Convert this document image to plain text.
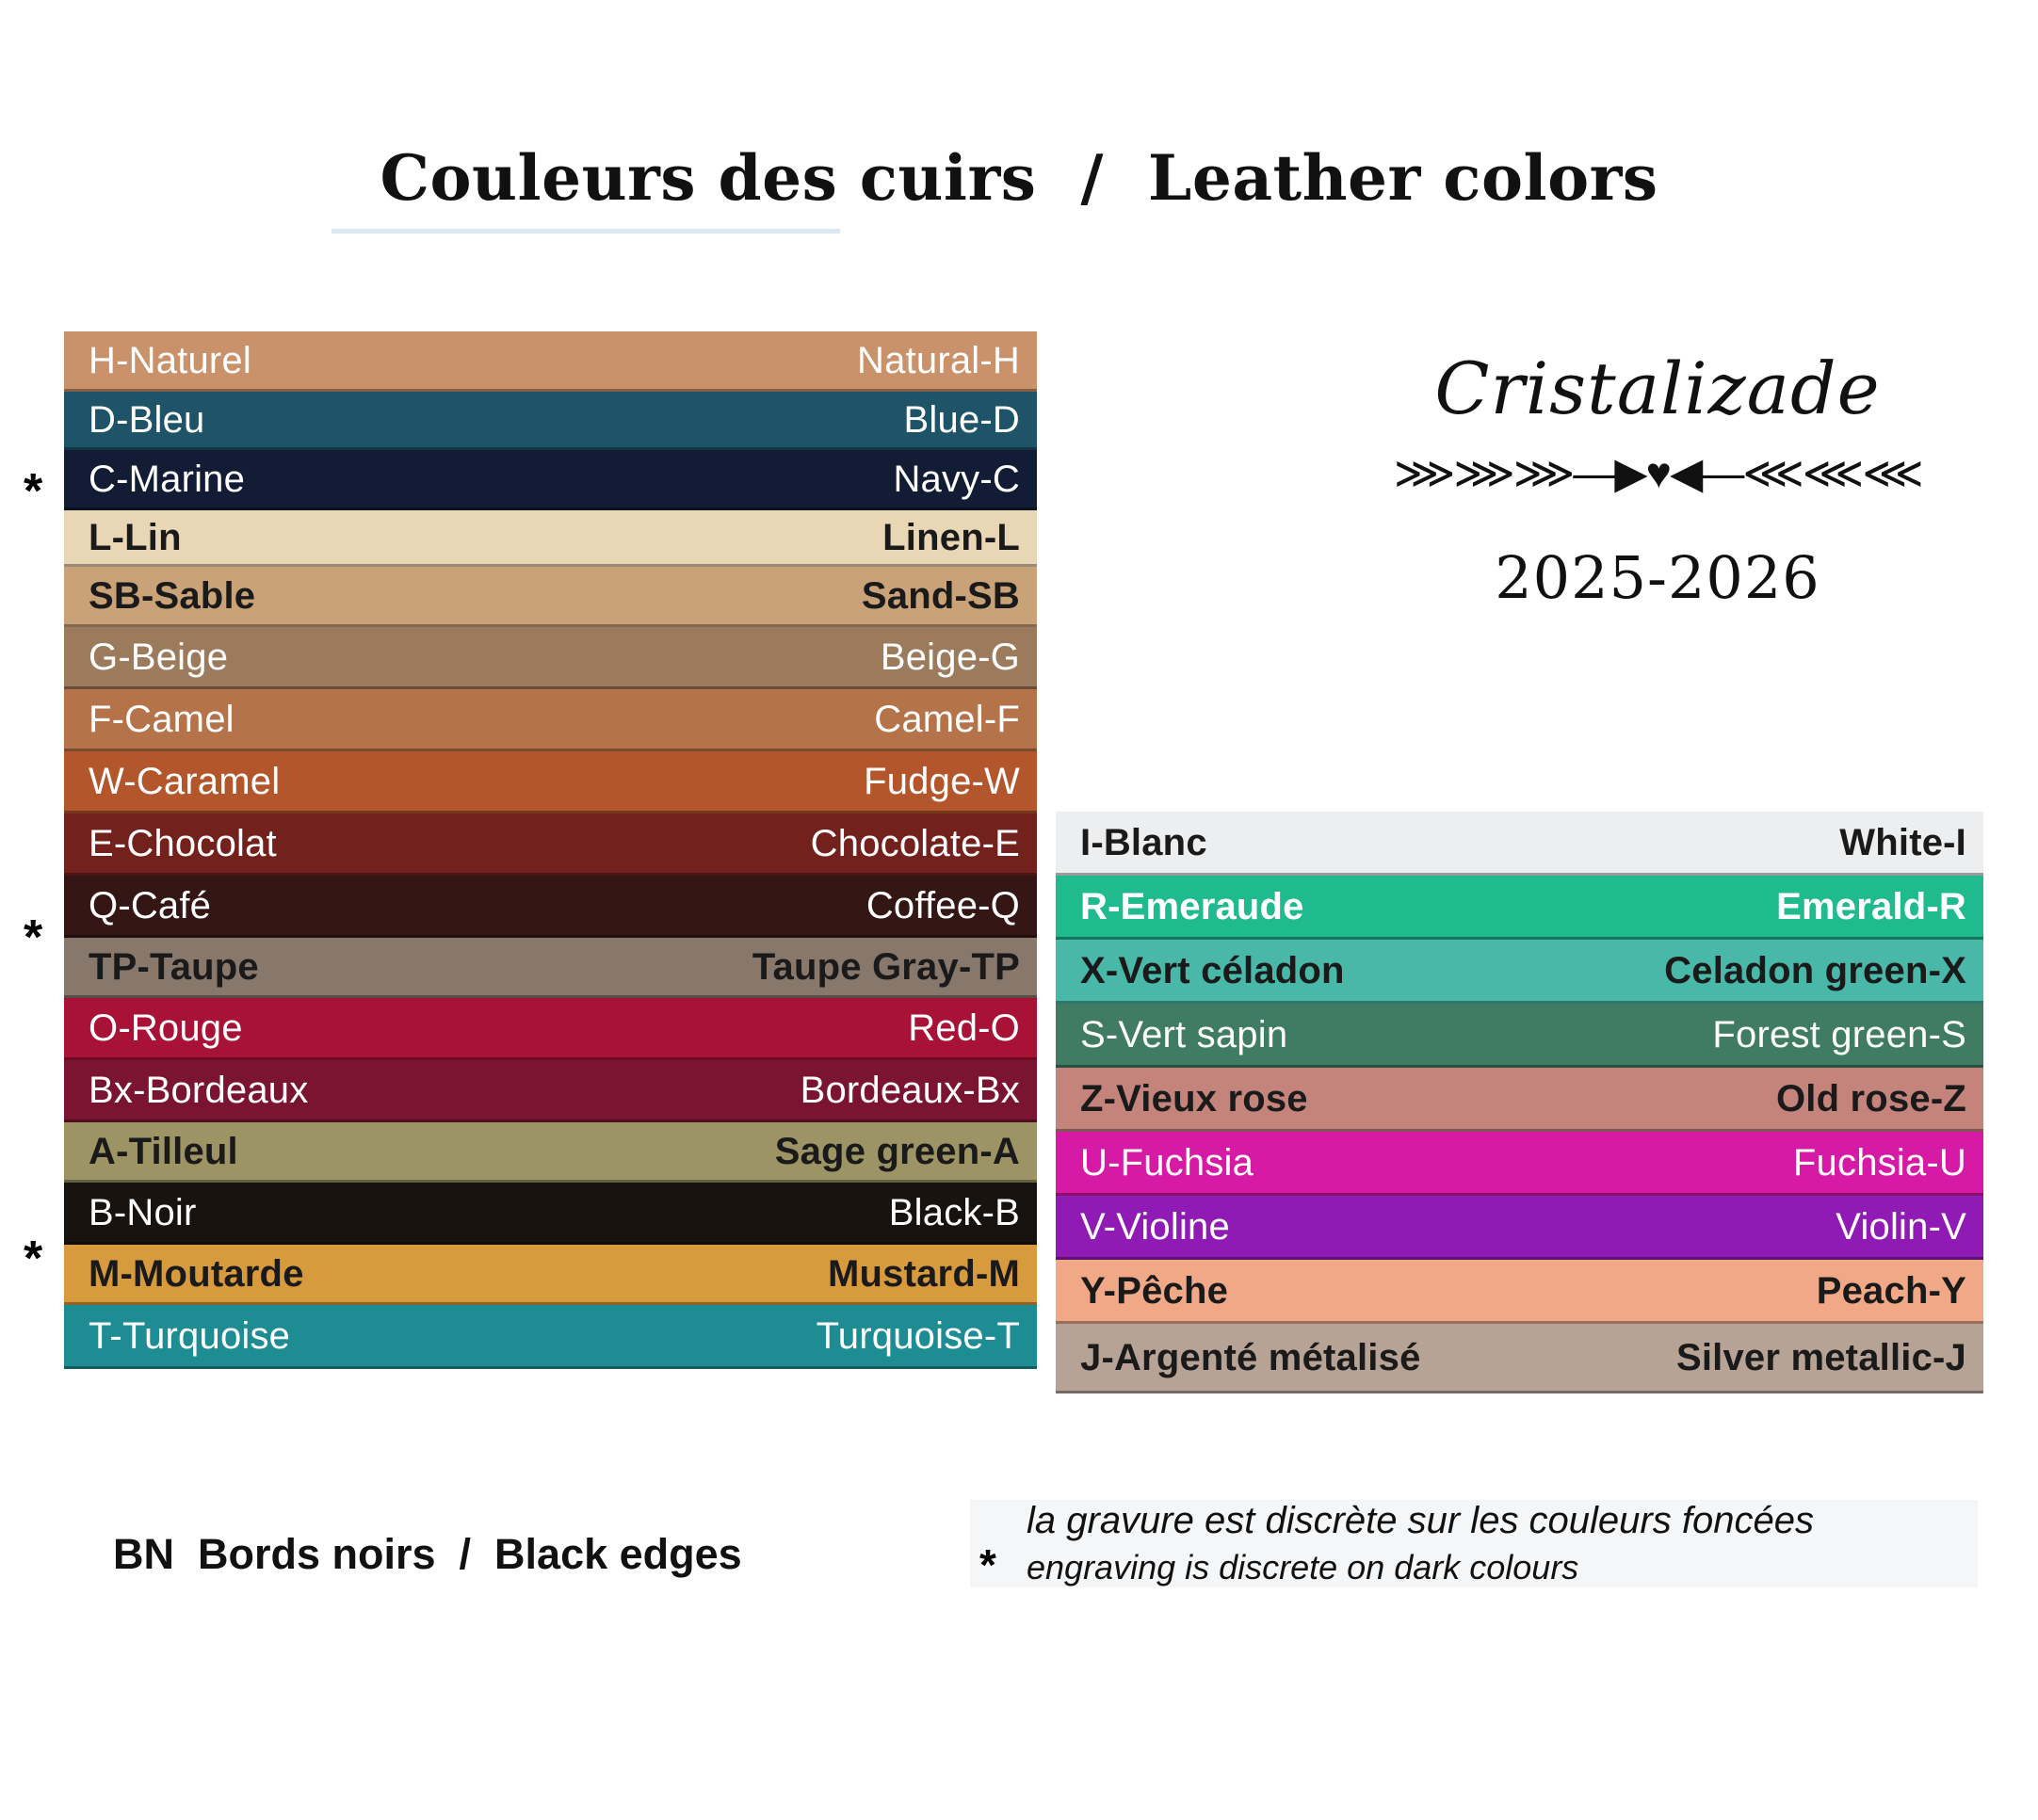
Couleurs des cuirs  /  Leather colors
H-Naturel	Natural-H
D-Bleu	Blue-D
C-Marine	Navy-C
L-Lin	Linen-L
SB-Sable	Sand-SB
G-Beige	Beige-G
F-Camel	Camel-F
W-Caramel	Fudge-W
E-Chocolat	Chocolate-E
Q-Café	Coffee-Q
TP-Taupe	Taupe Gray-TP
O-Rouge	Red-O
Bx-Bordeaux	Bordeaux-Bx
A-Tilleul	Sage green-A
B-Noir	Black-B
M-Moutarde	Mustard-M
T-Turquoise	Turquoise-T
I-Blanc	White-I
R-Emeraude	Emerald-R
X-Vert céladon	Celadon green-X
S-Vert sapin	Forest green-S
Z-Vieux rose	Old rose-Z
U-Fuchsia	Fuchsia-U
V-Violine	Violin-V
Y-Pêche	Peach-Y
J-Argenté métalisé	Silver metallic-J
Cristalizade
⋙⋙⋙—▶♥◀—⋘⋘⋘
2025-2026
BN  Bords noirs  /  Black edges	*
la gravure est discrète sur les couleurs foncées
engraving is discrete on dark colours
*
*
*
